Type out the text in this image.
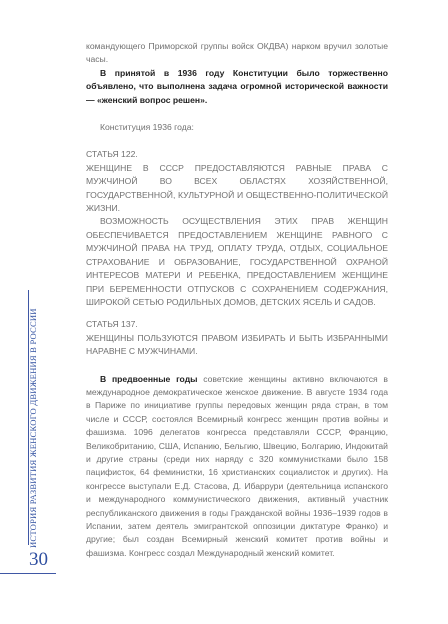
ИСТОРИЯ РАЗВИТИЯ ЖЕНСКОГО ДВИЖЕНИЯ В РОССИИ
30

командующего Приморской группы войск ОКДВА) нарком вручил золотые часы.

В принятой в 1936 году Конституции было торжественно объявлено, что выполнена задача огромной исторической важности — «женский вопрос решен».

Конституция 1936 года:

СТАТЬЯ 122.

ЖЕНЩИНЕ В СССР ПРЕДОСТАВЛЯЮТСЯ РАВНЫЕ ПРАВА С МУЖЧИНОЙ ВО ВСЕХ ОБЛАСТЯХ ХОЗЯЙСТВЕННОЙ, ГОСУДАРСТВЕННОЙ, КУЛЬТУРНОЙ И ОБЩЕСТВЕННО-ПОЛИТИЧЕСКОЙ ЖИЗНИ.

ВОЗМОЖНОСТЬ ОСУЩЕСТВЛЕНИЯ ЭТИХ ПРАВ ЖЕНЩИН ОБЕСПЕЧИВАЕТСЯ ПРЕДОСТАВЛЕНИЕМ ЖЕНЩИНЕ РАВНОГО С МУЖЧИНОЙ ПРАВА НА ТРУД, ОПЛАТУ ТРУДА, ОТДЫХ, СОЦИАЛЬНОЕ СТРАХОВАНИЕ И ОБРАЗОВАНИЕ, ГОСУДАРСТВЕННОЙ ОХРАНОЙ ИНТЕРЕСОВ МАТЕРИ И РЕБЕНКА, ПРЕДОСТАВЛЕНИЕМ ЖЕНЩИНЕ ПРИ БЕРЕМЕННОСТИ ОТПУСКОВ С СОХРАНЕНИЕМ СОДЕРЖАНИЯ, ШИРОКОЙ СЕТЬЮ РОДИЛЬНЫХ ДОМОВ, ДЕТСКИХ ЯСЕЛЬ И САДОВ.

СТАТЬЯ 137.

ЖЕНЩИНЫ ПОЛЬЗУЮТСЯ ПРАВОМ ИЗБИРАТЬ И БЫТЬ ИЗБРАННЫМИ НАРАВНЕ С МУЖЧИНАМИ.

В предвоенные годы советские женщины активно включаются в международное демократическое женское движение. В августе 1934 года в Париже по инициативе группы передовых женщин ряда стран, в том числе и СССР, состоялся Всемирный конгресс женщин против войны и фашизма. 1096 делегатов конгресса представляли СССР, Францию, Великобританию, США, Испанию, Бельгию, Швецию, Болгарию, Индокитай и другие страны (среди них наряду с 320 коммунистками было 158 пацифисток, 64 феминистки, 16 христианских социалисток и других). На конгрессе выступали Е.Д. Стасова, Д. Ибаррури (деятельница испанского и международного коммунистического движения, активный участник республиканского движения в годы Гражданской войны 1936–1939 годов в Испании, затем деятель эмигрантской оппозиции диктатуре Франко) и другие; был создан Всемирный женский комитет против войны и фашизма. Конгресс создал Международный женский комитет.
